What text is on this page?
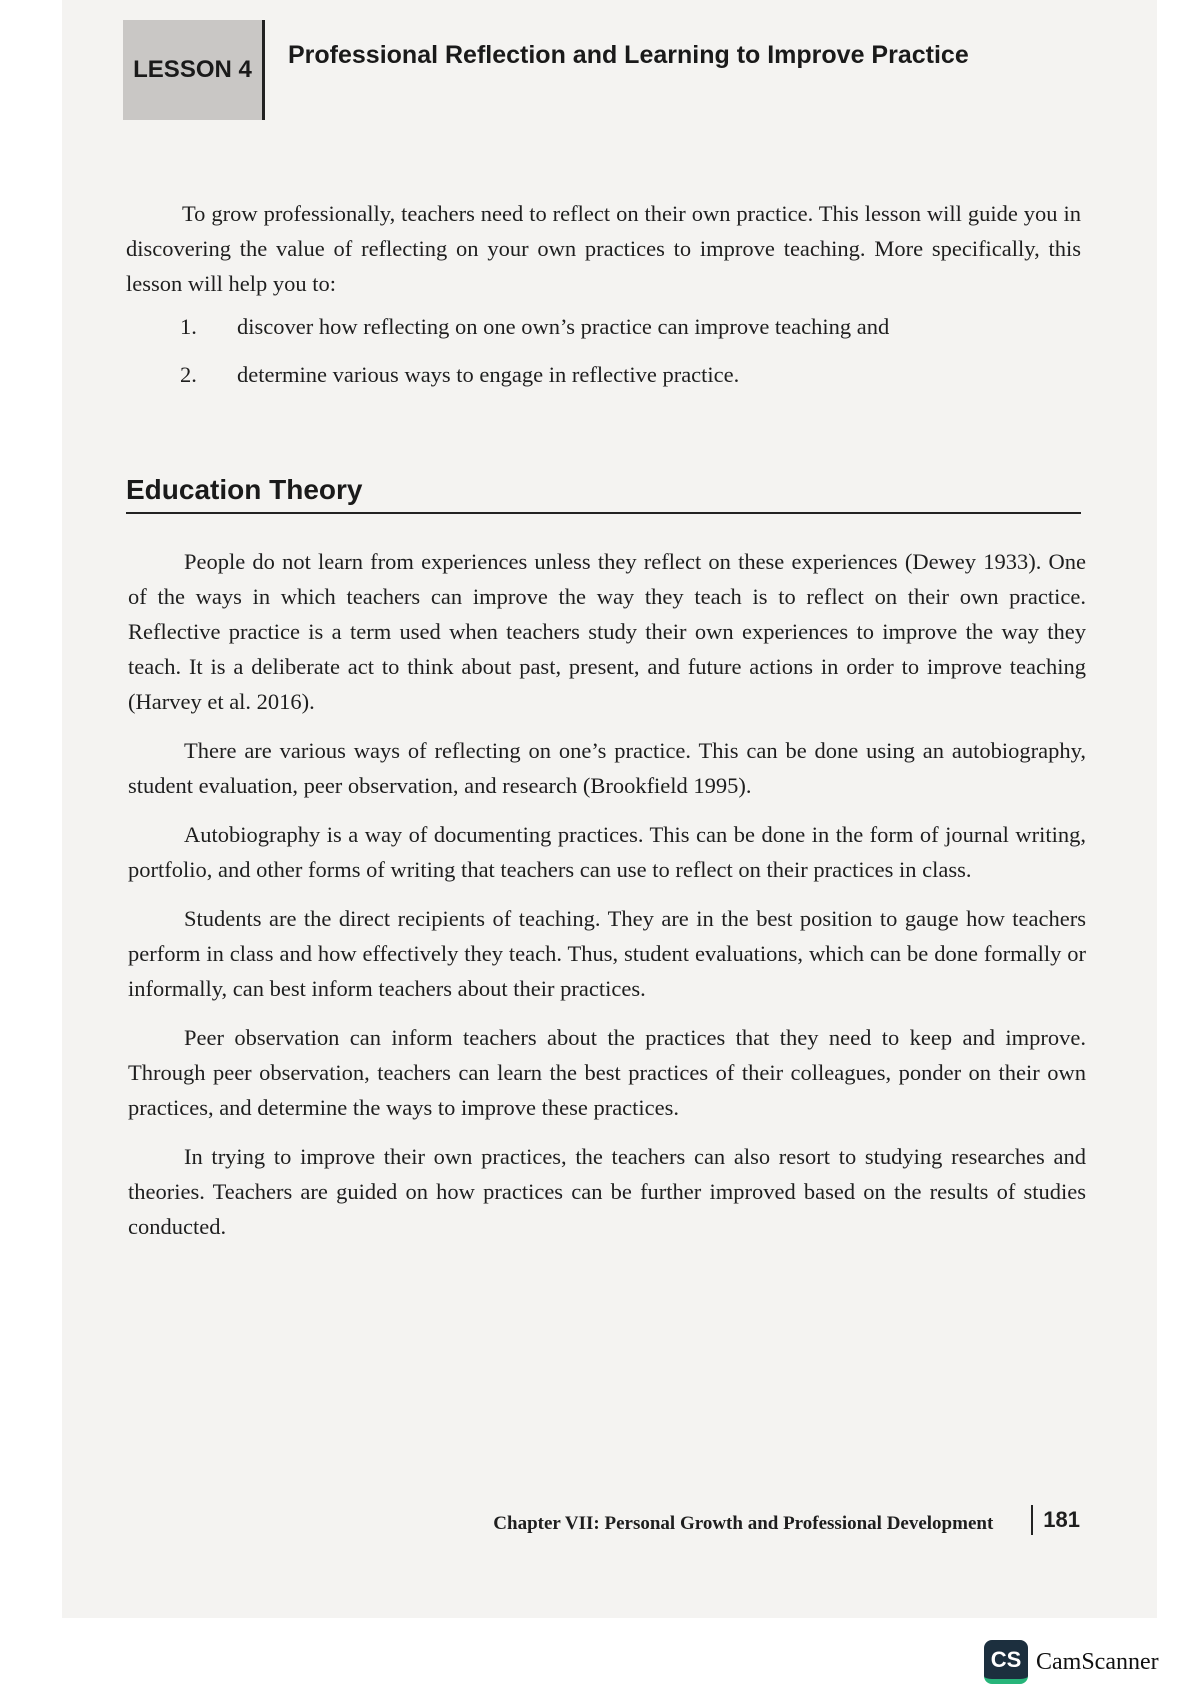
LESSON 4
Professional Reflection and Learning to Improve Practice

To grow professionally, teachers need to reflect on their own practice. This lesson will guide you in discovering the value of reflecting on your own practices to improve teaching. More specifically, this lesson will help you to:

1. discover how reflecting on one own’s practice can improve teaching and
2. determine various ways to engage in reflective practice.
Education Theory

People do not learn from experiences unless they reflect on these experiences (Dewey 1933). One of the ways in which teachers can improve the way they teach is to reflect on their own practice. Reflective practice is a term used when teachers study their own experiences to improve the way they teach. It is a deliberate act to think about past, present, and future actions in order to improve teaching (Harvey et al. 2016).

There are various ways of reflecting on one’s practice. This can be done using an autobiography, student evaluation, peer observation, and research (Brookfield 1995).

Autobiography is a way of documenting practices. This can be done in the form of journal writing, portfolio, and other forms of writing that teachers can use to reflect on their practices in class.

Students are the direct recipients of teaching. They are in the best position to gauge how teachers perform in class and how effectively they teach. Thus, student evaluations, which can be done formally or informally, can best inform teachers about their practices.

Peer observation can inform teachers about the practices that they need to keep and improve. Through peer observation, teachers can learn the best practices of their colleagues, ponder on their own practices, and determine the ways to improve these practices.

In trying to improve their own practices, the teachers can also resort to studying researches and theories. Teachers are guided on how practices can be further improved based on the results of studies conducted.

Chapter VII: Personal Growth and Professional Development	181
CS CamScanner
